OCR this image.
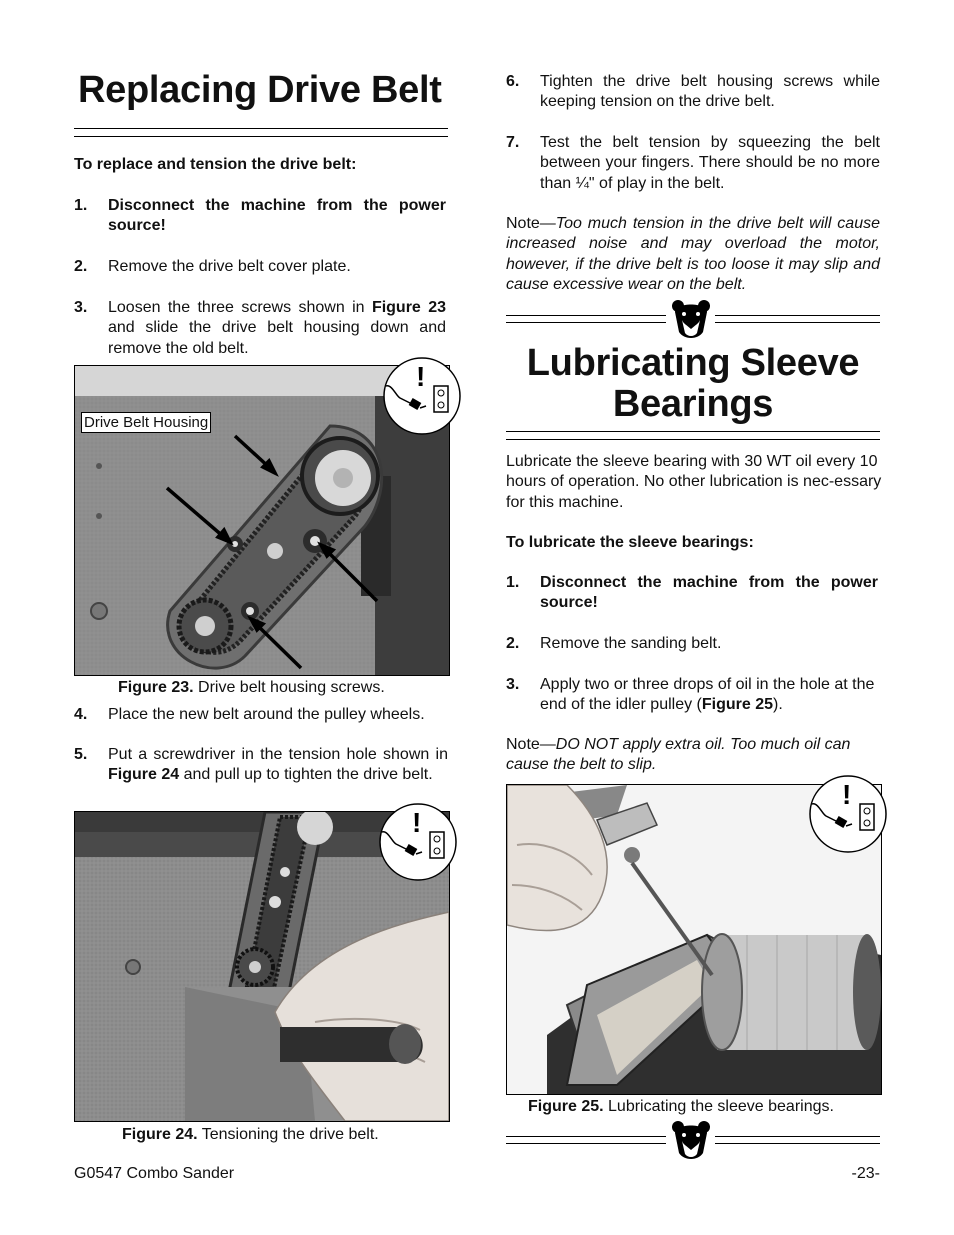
Replacing Drive Belt
To replace and tension the drive belt:
1. Disconnect the machine from the power source!
2. Remove the drive belt cover plate.
3. Loosen the three screws shown in Figure 23 and slide the drive belt housing down and remove the old belt.
Drive Belt Housing
!
Figure 23. Drive belt housing screws.
4. Place the new belt around the pulley wheels.
5. Put a screwdriver in the tension hole shown in Figure 24 and pull up to tighten the drive belt.
!
Figure 24. Tensioning the drive belt.
6. Tighten the drive belt housing screws while keeping tension on the drive belt.
7. Test the belt tension by squeezing the belt between your fingers. There should be no more than ¼" of play in the belt.
Note—Too much tension in the drive belt will cause increased noise and may overload the motor, however, if the drive belt is too loose it may slip and cause excessive wear on the belt.
Lubricating Sleeve
Bearings
Lubricate the sleeve bearing with 30 WT oil every 10 hours of operation. No other lubrication is nec-essary for this machine.
To lubricate the sleeve bearings:
1. Disconnect the machine from the power source!
2. Remove the sanding belt.
3. Apply two or three drops of oil in the hole at the end of the idler pulley (Figure 25).
Note—DO NOT apply extra oil. Too much oil can cause the belt to slip.
!
Figure 25. Lubricating the sleeve bearings.
G0547 Combo Sander	-23-
